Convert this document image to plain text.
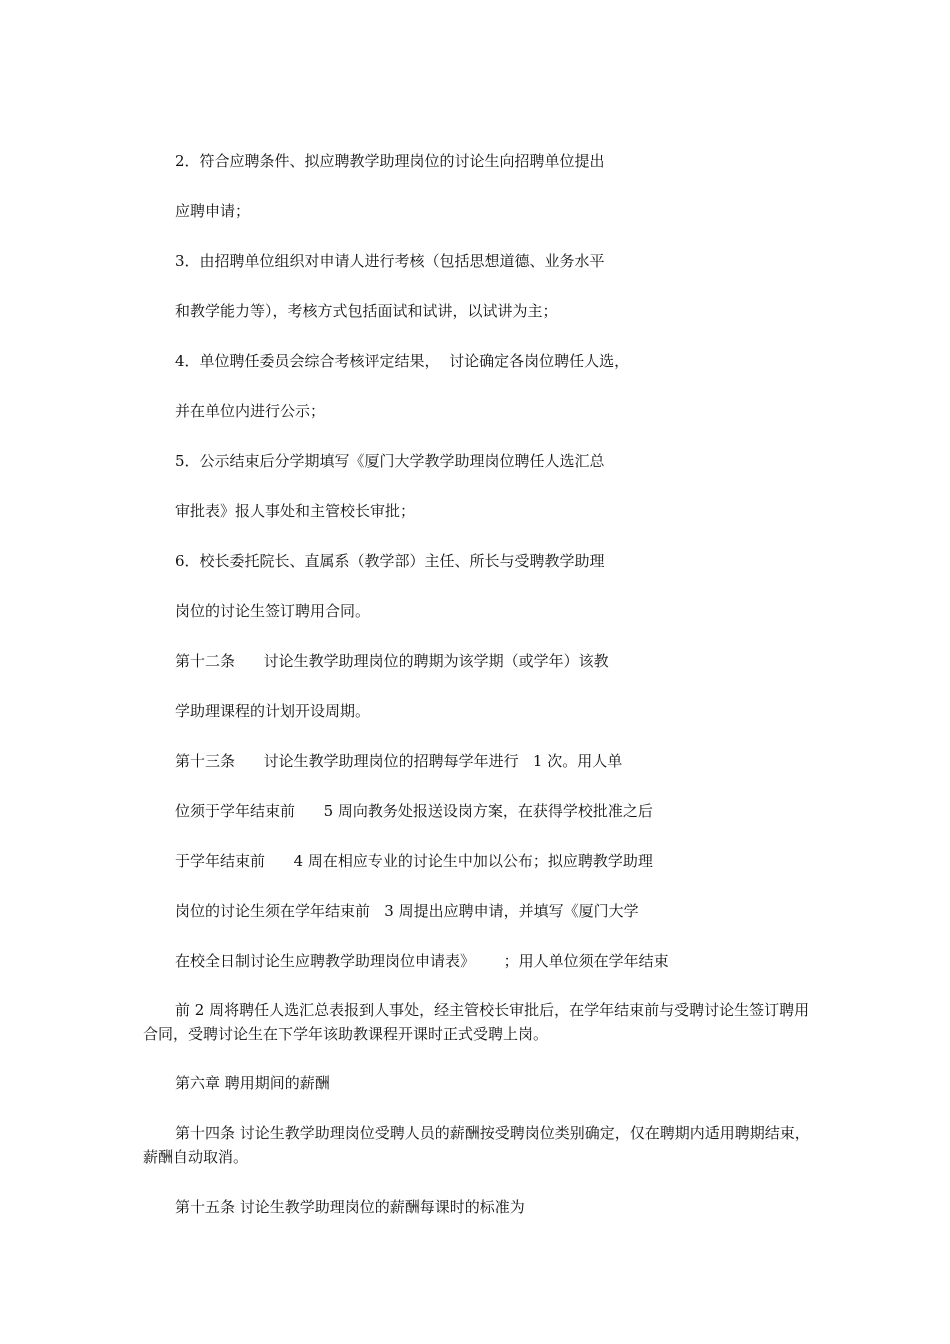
2．符合应聘条件、拟应聘教学助理岗位的讨论生向招聘单位提出

应聘申请；

3．由招聘单位组织对申请人进行考核（包括思想道德、业务水平

和教学能力等），考核方式包括面试和试讲，以试讲为主；

4．单位聘任委员会综合考核评定结果，  讨论确定各岗位聘任人选，

并在单位内进行公示；

5．公示结束后分学期填写《厦门大学教学助理岗位聘任人选汇总

审批表》报人事处和主管校长审批；

6．校长委托院长、直属系（教学部）主任、所长与受聘教学助理

岗位的讨论生签订聘用合同。

第十二条      讨论生教学助理岗位的聘期为该学期（或学年）该教

学助理课程的计划开设周期。

第十三条      讨论生教学助理岗位的招聘每学年进行   1 次。用人单

位须于学年结束前      5 周向教务处报送设岗方案，在获得学校批准之后

于学年结束前      4 周在相应专业的讨论生中加以公布；拟应聘教学助理

岗位的讨论生须在学年结束前   3 周提出应聘申请，并填写《厦门大学

在校全日制讨论生应聘教学助理岗位申请表》      ；用人单位须在学年结束

前 2 周将聘任人选汇总表报到人事处，经主管校长审批后，在学年结束前与受聘讨论生签订聘用合同，受聘讨论生在下学年该助教课程开课时正式受聘上岗。

第六章 聘用期间的薪酬

第十四条 讨论生教学助理岗位受聘人员的薪酬按受聘岗位类别确定，仅在聘期内适用聘期结束，薪酬自动取消。

第十五条 讨论生教学助理岗位的薪酬每课时的标准为
